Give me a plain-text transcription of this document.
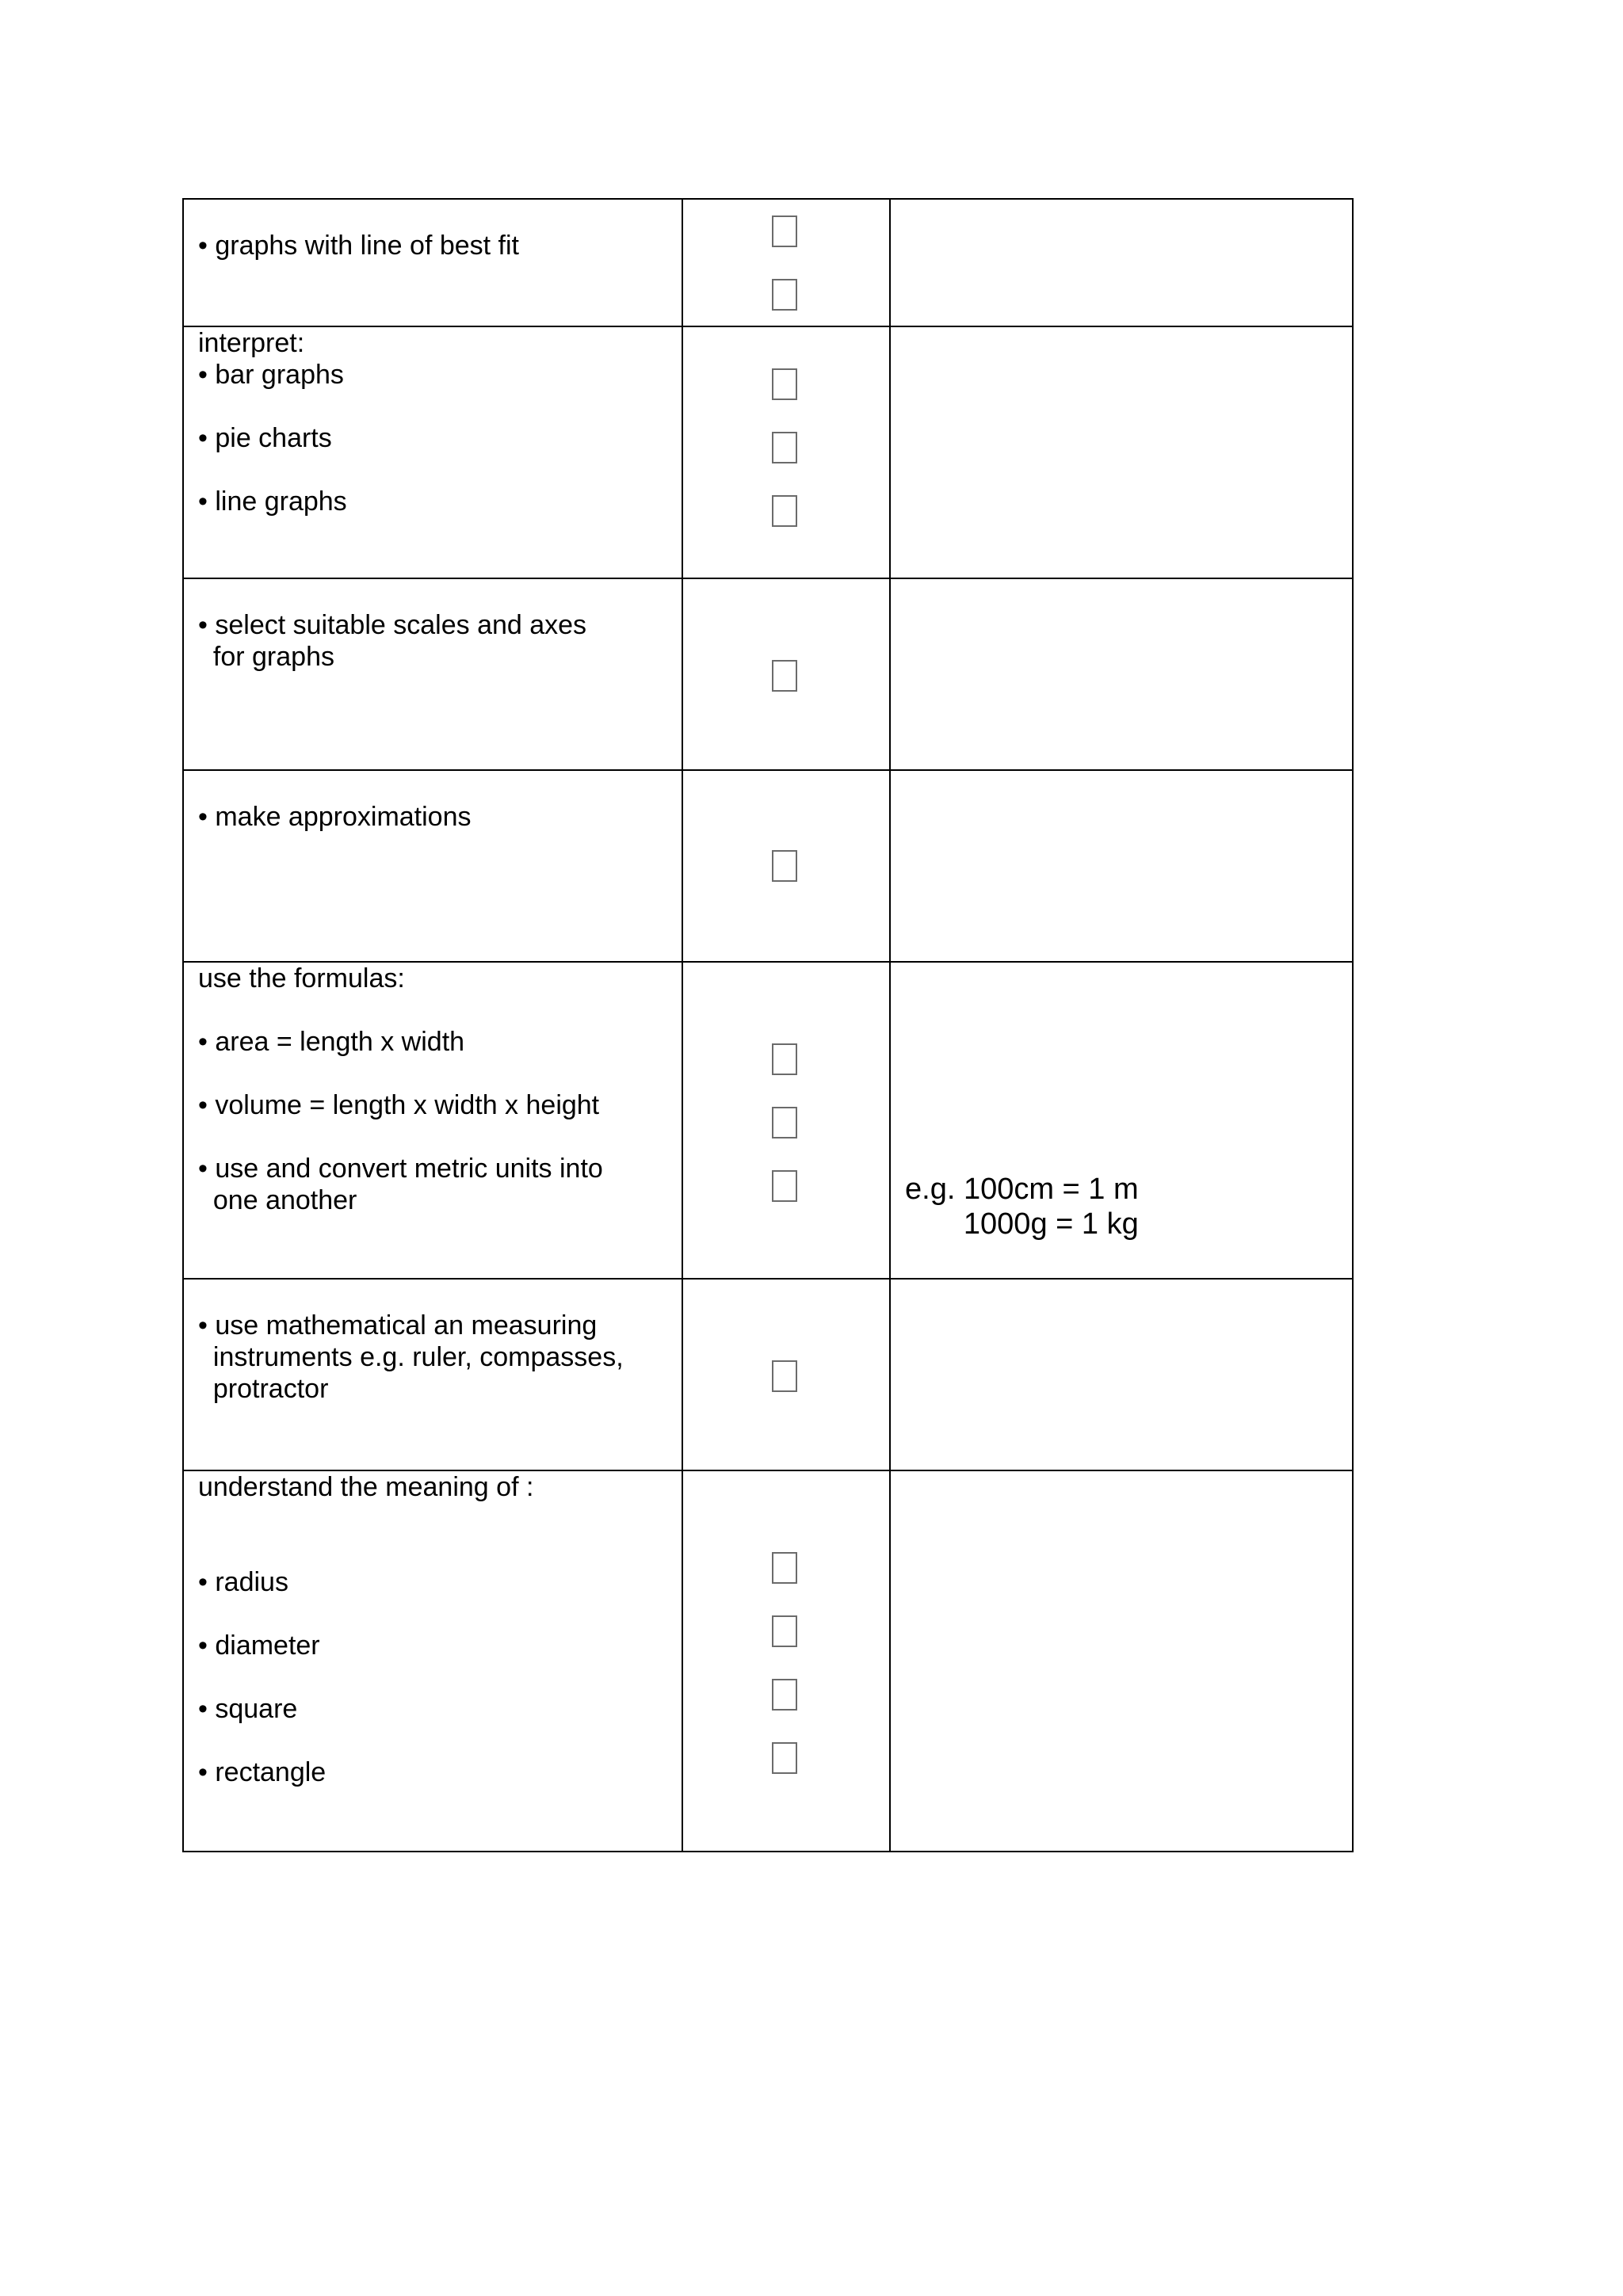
• graphs with line of best fit
interpret:
• bar graphs
• pie charts
• line graphs
• select suitable scales and axes
for graphs
• make approximations
use the formulas:
• area = length x width
• volume = length x width x height
• use and convert metric units into
one another	e.g. 100cm = 1 m
1000g = 1 kg
• use mathematical an measuring
instruments e.g. ruler, compasses,
protractor
understand the meaning of :
• radius
• diameter
• square
• rectangle
